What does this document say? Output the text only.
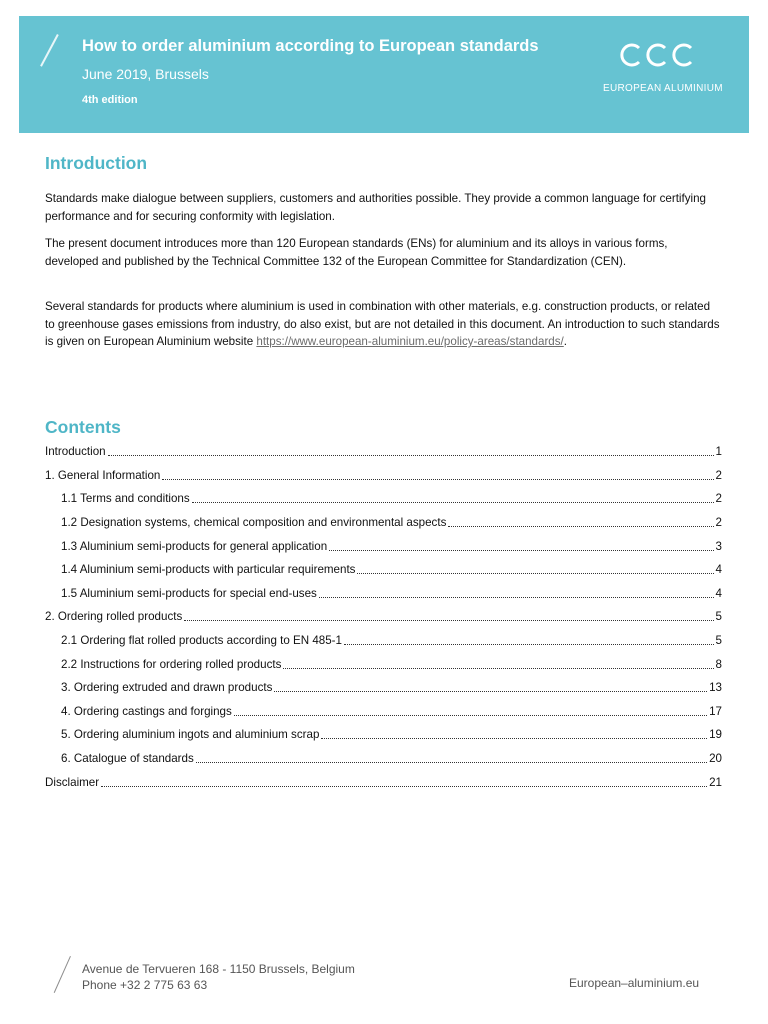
How to order aluminium according to European standards
June 2019, Brussels
4th edition
EUROPEAN ALUMINIUM
Introduction

Standards make dialogue between suppliers, customers and authorities possible. They provide a common language for certifying performance and for securing conformity with legislation.

The present document introduces more than 120 European standards (ENs) for aluminium and its alloys in various forms, developed and published by the Technical Committee 132 of the European Committee for Standardization (CEN).

Several standards for products where aluminium is used in combination with other materials, e.g. construction products, or related to greenhouse gases emissions from industry, do also exist, but are not detailed in this document. An introduction to such standards is given on European Aluminium website https://www.european-aluminium.eu/policy-areas/standards/.

Contents
Introduction	1
1. General Information	2
1.1 Terms and conditions	2
1.2 Designation systems, chemical composition and environmental aspects	2
1.3 Aluminium semi-products for general application	3
1.4 Aluminium semi-products with particular requirements	4
1.5 Aluminium semi-products for special end-uses	4
2. Ordering rolled products	5
2.1 Ordering flat rolled products according to EN 485-1	5
2.2 Instructions for ordering rolled products	8
3. Ordering extruded and drawn products	13
4. Ordering castings and forgings	17
5. Ordering aluminium ingots and aluminium scrap	19
6. Catalogue of standards	20
Disclaimer	21
Avenue de Tervueren 168 - 1150 Brussels, Belgium
Phone +32 2 775 63 63	European–aluminium.eu
